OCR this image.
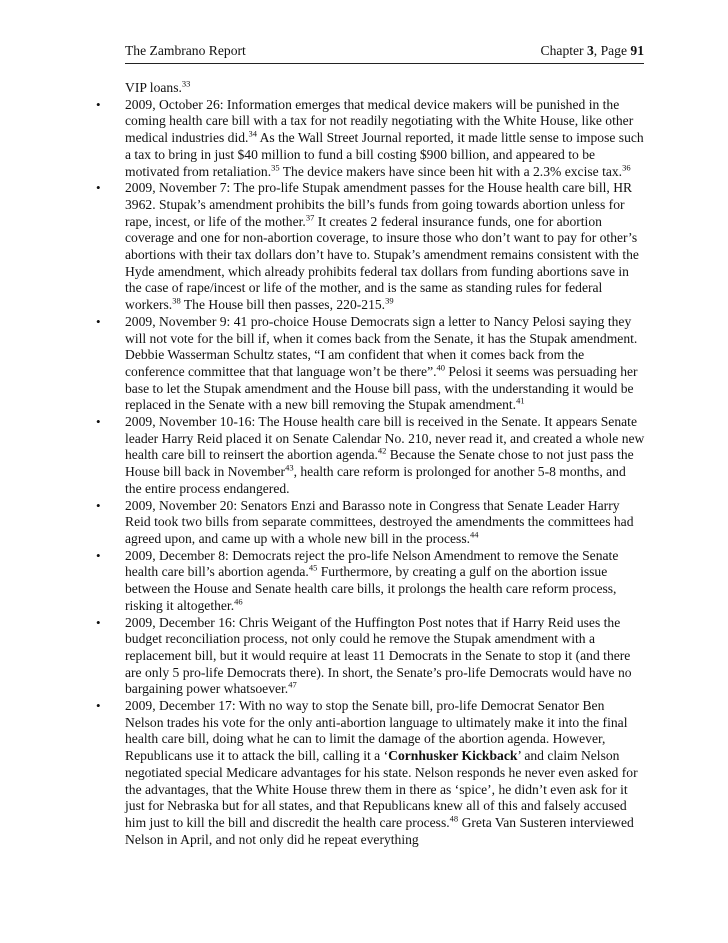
The Zambrano Report	Chapter 3, Page 91

VIP loans.$^{33}$

• 2009, October 26: Information emerges that medical device makers will be punished in the coming health care bill with a tax for not readily negotiating with the White House, like other medical industries did.$^{34}$ As the Wall Street Journal reported, it made little sense to impose such a tax to bring in just $40 million to fund a bill costing $900 billion, and appeared to be motivated from retaliation.$^{35}$ The device makers have since been hit with a 2.3% excise tax.$^{36}$
• 2009, November 7: The pro-life Stupak amendment passes for the House health care bill, HR 3962. Stupak’s amendment prohibits the bill’s funds from going towards abortion unless for rape, incest, or life of the mother.$^{37}$ It creates 2 federal insurance funds, one for abortion coverage and one for non-abortion coverage, to insure those who don’t want to pay for other’s abortions with their tax dollars don’t have to. Stupak’s amendment remains consistent with the Hyde amendment, which already prohibits federal tax dollars from funding abortions save in the case of rape/incest or life of the mother, and is the same as standing rules for federal workers.$^{38}$ The House bill then passes, 220-215.39
• 2009, November 9: 41 pro-choice House Democrats sign a letter to Nancy Pelosi saying they will not vote for the bill if, when it comes back from the Senate, it has the Stupak amendment. Debbie Wasserman Schultz states, “I am confident that when it comes back from the conference committee that that language won’t be there”.$^{40}$ Pelosi it seems was persuading her base to let the Stupak amendment and the House bill pass, with the understanding it would be replaced in the Senate with a new bill removing the Stupak amendment.$^{41}$
• 2009, November 10-16: The House health care bill is received in the Senate. It appears Senate leader Harry Reid placed it on Senate Calendar No. 210, never read it, and created a whole new health care bill to reinsert the abortion agenda.$^{42}$ Because the Senate chose to not just pass the House bill back in November$^{43}$, health care reform is prolonged for another 5-8 months, and the entire process endangered.
• 2009, November 20: Senators Enzi and Barasso note in Congress that Senate Leader Harry Reid took two bills from separate committees, destroyed the amendments the committees had agreed upon, and came up with a whole new bill in the process.$^{44}$
• 2009, December 8: Democrats reject the pro-life Nelson Amendment to remove the Senate health care bill’s abortion agenda.$^{45}$ Furthermore, by creating a gulf on the abortion issue between the House and Senate health care bills, it prolongs the health care reform process, risking it altogether.$^{46}$
• 2009, December 16: Chris Weigant of the Huffington Post notes that if Harry Reid uses the budget reconciliation process, not only could he remove the Stupak amendment with a replacement bill, but it would require at least 11 Democrats in the Senate to stop it (and there are only 5 pro-life Democrats there). In short, the Senate’s pro-life Democrats would have no bargaining power whatsoever.$^{47}$
• 2009, December 17: With no way to stop the Senate bill, pro-life Democrat Senator Ben Nelson trades his vote for the only anti-abortion language to ultimately make it into the final health care bill, doing what he can to limit the damage of the abortion agenda. However, Republicans use it to attack the bill, calling it a ‘Cornhusker Kickback’ and claim Nelson negotiated special Medicare advantages for his state. Nelson responds he never even asked for the advantages, that the White House threw them in there as ‘spice’, he didn’t even ask for it just for Nebraska but for all states, and that Republicans knew all of this and falsely accused him just to kill the bill and discredit the health care process.$^{48}$ Greta Van Susteren interviewed Nelson in April, and not only did he repeat everything
